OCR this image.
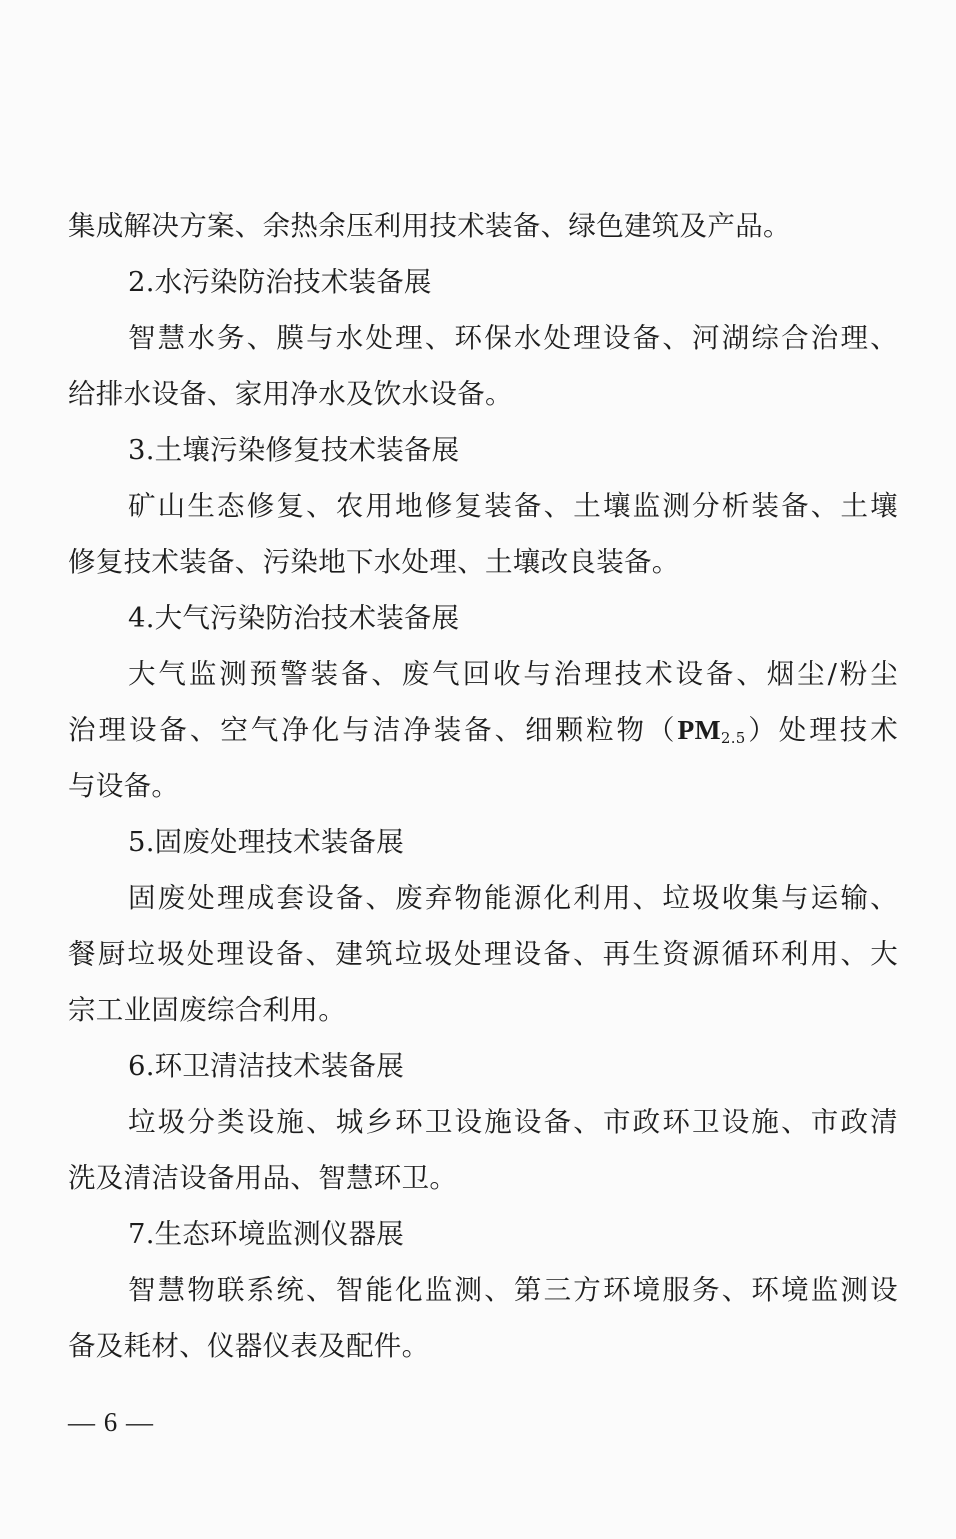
集成解决方案、余热余压利用技术装备、绿色建筑及产品。
2.水污染防治技术装备展
智慧水务、膜与水处理、环保水处理设备、河湖综合治理、
给排水设备、家用净水及饮水设备。
3.土壤污染修复技术装备展
矿山生态修复、农用地修复装备、土壤监测分析装备、土壤
修复技术装备、污染地下水处理、土壤改良装备。
4.大气污染防治技术装备展
大气监测预警装备、废气回收与治理技术设备、烟尘/粉尘
治理设备、空气净化与洁净装备、细颗粒物$(PM_{2.5})$处理技术
与设备。
5.固废处理技术装备展
固废处理成套设备、废弃物能源化利用、垃圾收集与运输、
餐厨垃圾处理设备、建筑垃圾处理设备、再生资源循环利用、大
宗工业固废综合利用。
6.环卫清洁技术装备展
垃圾分类设施、城乡环卫设施设备、市政环卫设施、市政清
洗及清洁设备用品、智慧环卫。
7.生态环境监测仪器展
智慧物联系统、智能化监测、第三方环境服务、环境监测设
备及耗材、仪器仪表及配件。
— 6 —
